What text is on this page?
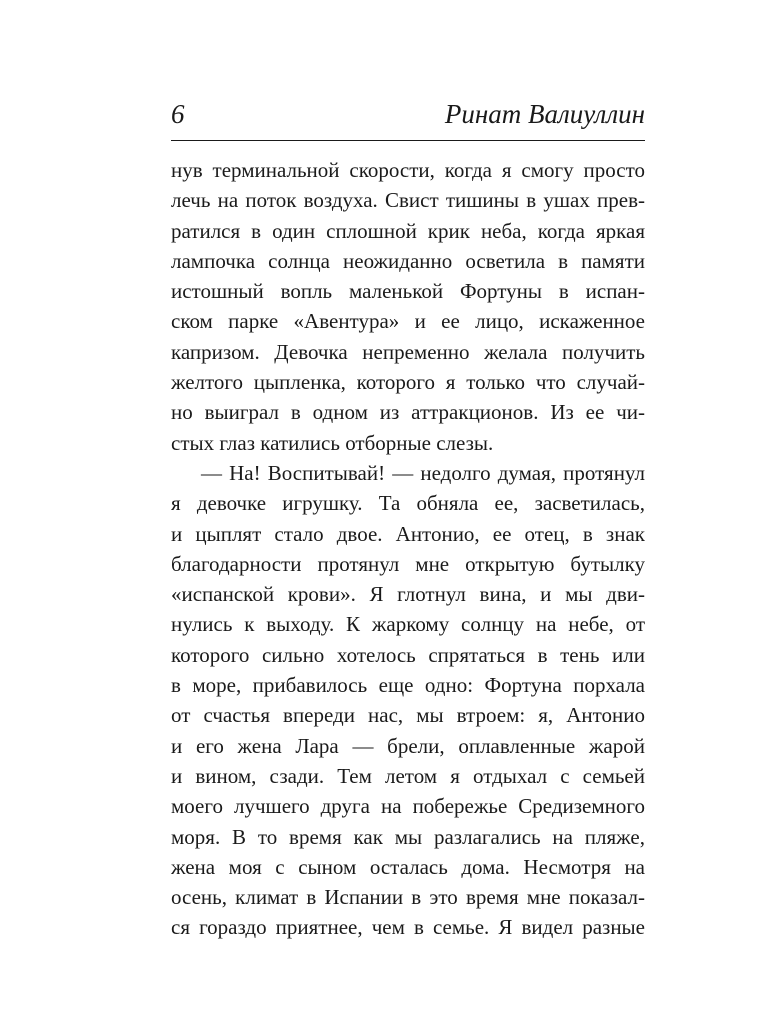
6	Ринат Валиуллин
нув терминальной скорости, когда я смогу просто
лечь на поток воздуха. Свист тишины в ушах прев-
ратился в один сплошной крик неба, когда яркая
лампочка солнца неожиданно осветила в памяти
истошный вопль маленькой Фортуны в испан-
ском парке «Авентура» и ее лицо, искаженное
капризом. Девочка непременно желала получить
желтого цыпленка, которого я только что случай-
но выиграл в одном из аттракционов. Из ее чи-
стых глаз катились отборные слезы.
— На! Воспитывай! — недолго думая, протянул
я девочке игрушку. Та обняла ее, засветилась,
и цыплят стало двое. Антонио, ее отец, в знак
благодарности протянул мне открытую бутылку
«испанской крови». Я глотнул вина, и мы дви-
нулись к выходу. К жаркому солнцу на небе, от
которого сильно хотелось спрятаться в тень или
в море, прибавилось еще одно: Фортуна порхала
от счастья впереди нас, мы втроем: я, Антонио
и его жена Лара — брели, оплавленные жарой
и вином, сзади. Тем летом я отдыхал с семьей
моего лучшего друга на побережье Средиземного
моря. В то время как мы разлагались на пляже,
жена моя с сыном осталась дома. Несмотря на
осень, климат в Испании в это время мне показал-
ся гораздо приятнее, чем в семье. Я видел разные
